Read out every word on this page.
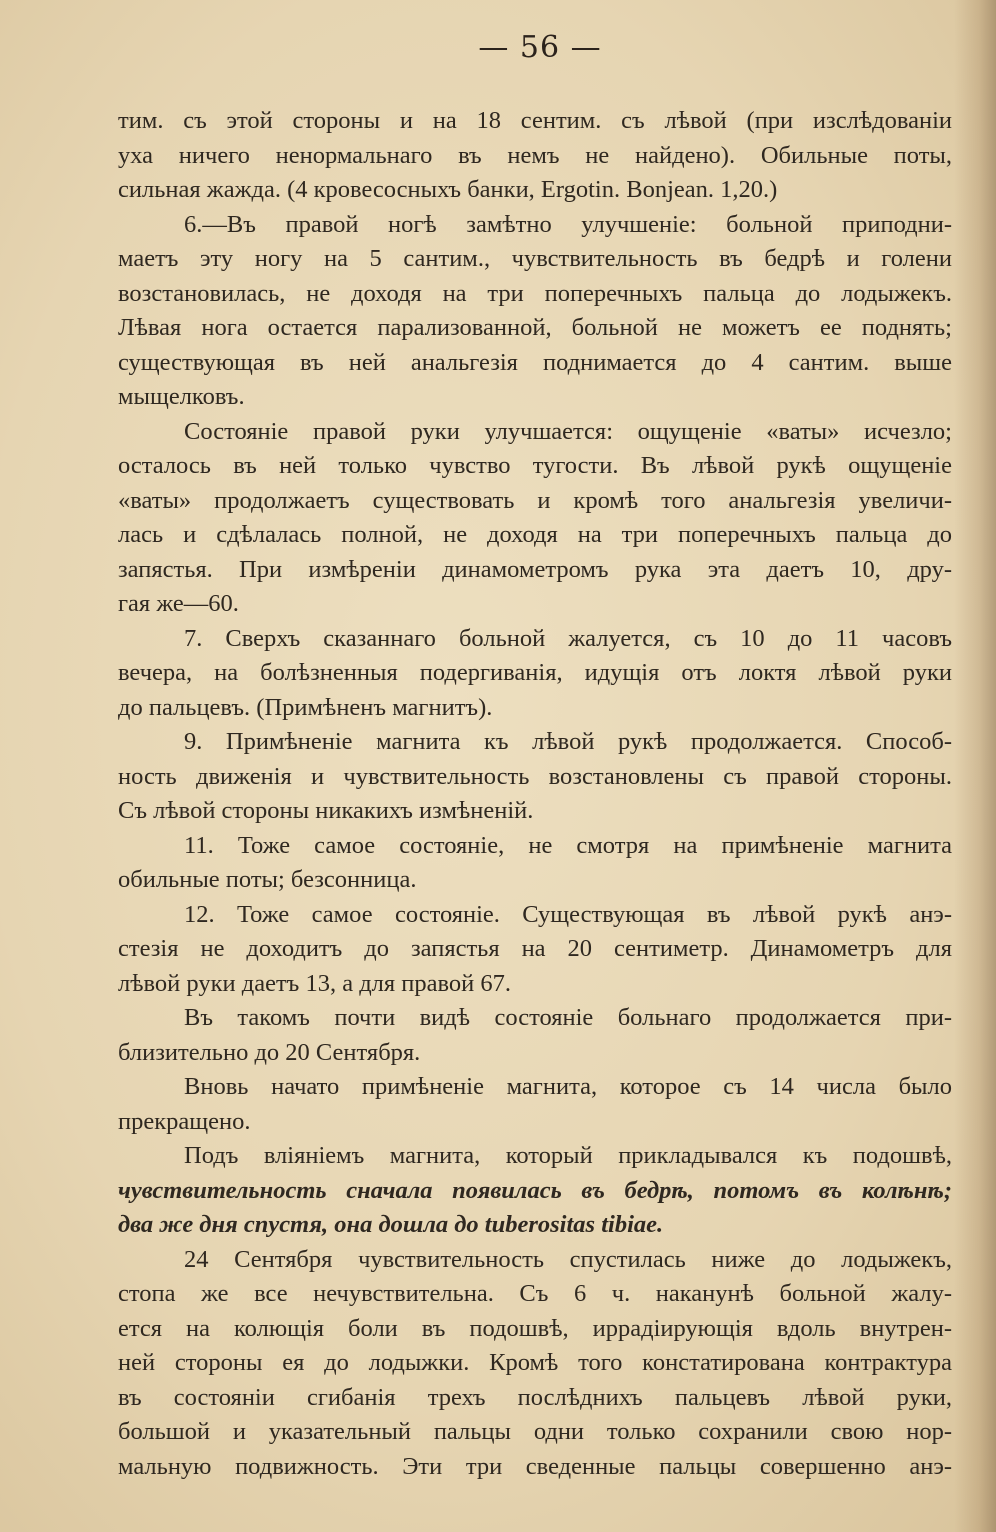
— 56 —
тим. съ этой стороны и на 18 сентим. съ лѣвой (при изслѣдованіи
уха ничего ненормальнаго въ немъ не найдено). Обильные поты,
сильная жажда. (4 кровесосныхъ банки, Ergotin. Bonjean. 1,20.)
6.—Въ правой ногѣ замѣтно улучшеніе: больной приподни-
маетъ эту ногу на 5 сантим., чувствительность въ бедрѣ и голени
возстановилась, не доходя на три поперечныхъ пальца до лодыжекъ.
Лѣвая нога остается парализованной, больной не можетъ ее поднять;
существующая въ ней анальгезія поднимается до 4 сантим. выше
мыщелковъ.
Состояніе правой руки улучшается: ощущеніе «ваты» исчезло;
осталось въ ней только чувство тугости. Въ лѣвой рукѣ ощущеніе
«ваты» продолжаетъ существовать и кромѣ того анальгезія увеличи-
лась и сдѣлалась полной, не доходя на три поперечныхъ пальца до
запястья. При измѣреніи динамометромъ рука эта даетъ 10, дру-
гая же—60.
7. Сверхъ сказаннаго больной жалуется, съ 10 до 11 часовъ
вечера, на болѣзненныя подергиванія, идущія отъ локтя лѣвой руки
до пальцевъ. (Примѣненъ магнитъ).
9. Примѣненіе магнита къ лѣвой рукѣ продолжается. Способ-
ность движенія и чувствительность возстановлены съ правой стороны.
Съ лѣвой стороны никакихъ измѣненій.
11. Тоже самое состояніе, не смотря на примѣненіе магнита
обильные поты; безсонница.
12. Тоже самое состояніе. Существующая въ лѣвой рукѣ анэ-
стезія не доходитъ до запястья на 20 сентиметр. Динамометръ для
лѣвой руки даетъ 13, а для правой 67.
Въ такомъ почти видѣ состояніе больнаго продолжается при-
близительно до 20 Сентября.
Вновь начато примѣненіе магнита, которое съ 14 числа было
прекращено.
Подъ вліяніемъ магнита, который прикладывался къ подошвѣ,
чувствительность сначала появилась въ бедрѣ, потомъ въ колѣнѣ;
два же дня спустя, она дошла до tuberositas tibiae.
24 Сентября чувствительность спустилась ниже до лодыжекъ,
стопа же все нечувствительна. Съ 6 ч. наканунѣ больной жалу-
ется на колющія боли въ подошвѣ, иррадіирующія вдоль внутрен-
ней стороны ея до лодыжки. Кромѣ того констатирована контрактура
въ состояніи сгибанія трехъ послѣднихъ пальцевъ лѣвой руки,
большой и указательный пальцы одни только сохранили свою нор-
мальную подвижность. Эти три сведенные пальцы совершенно анэ-
